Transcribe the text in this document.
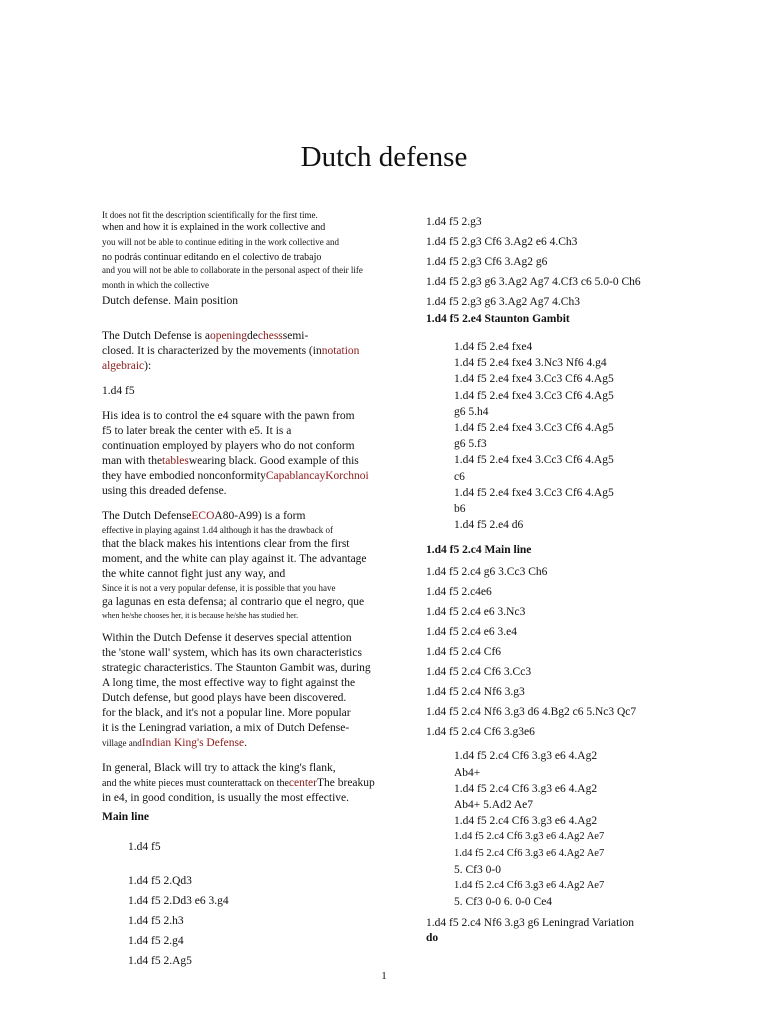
Dutch defense

It does not fit the description scientifically for the first time.

when and how it is explained in the work collective and

you will not be able to continue editing in the work collective and

no podrás continuar editando en el colectivo de trabajo

and you will not be able to collaborate in the personal aspect of their life

month in which the collective

Dutch defense. Main position

The Dutch Defense is aopeningdechesssemi-

closed. It is characterized by the movements (innotation

algebraic):

1.d4 f5

His idea is to control the e4 square with the pawn from

f5 to later break the center with e5. It is a

continuation employed by players who do not conform

man with thetableswearing black. Good example of this

they have embodied nonconformityCapablancayKorchnoi

using this dreaded defense.

The Dutch DefenseECOA80-A99) is a form

effective in playing against 1.d4 although it has the drawback of

that the black makes his intentions clear from the first

moment, and the white can play against it. The advantage

the white cannot fight just any way, and

Since it is not a very popular defense, it is possible that you have

ga lagunas en esta defensa; al contrario que el negro, que

when he/she chooses her, it is because he/she has studied her.

Within the Dutch Defense it deserves special attention

the 'stone wall' system, which has its own characteristics

strategic characteristics. The Staunton Gambit was, during

A long time, the most effective way to fight against the

Dutch defense, but good plays have been discovered.

for the black, and it's not a popular line. More popular

it is the Leningrad variation, a mix of Dutch Defense-

village andIndian King's Defense.

In general, Black will try to attack the king's flank,

and the white pieces must counterattack on thecenterThe breakup

in e4, in good condition, is usually the most effective.

Main line

1.d4 f5

1.d4 f5 2.Qd3

1.d4 f5 2.Dd3 e6 3.g4

1.d4 f5 2.h3

1.d4 f5 2.g4

1.d4 f5 2.Ag5

1.d4 f5 2.g3

1.d4 f5 2.g3 Cf6 3.Ag2 e6 4.Ch3

1.d4 f5 2.g3 Cf6 3.Ag2 g6

1.d4 f5 2.g3 g6 3.Ag2 Ag7 4.Cf3 c6 5.0-0 Ch6

1.d4 f5 2.g3 g6 3.Ag2 Ag7 4.Ch3

1.d4 f5 2.e4 Staunton Gambit

1.d4 f5 2.e4 fxe4

1.d4 f5 2.e4 fxe4 3.Nc3 Nf6 4.g4

1.d4 f5 2.e4 fxe4 3.Cc3 Cf6 4.Ag5

1.d4 f5 2.e4 fxe4 3.Cc3 Cf6 4.Ag5

g6 5.h4

1.d4 f5 2.e4 fxe4 3.Cc3 Cf6 4.Ag5

g6 5.f3

1.d4 f5 2.e4 fxe4 3.Cc3 Cf6 4.Ag5

c6

1.d4 f5 2.e4 fxe4 3.Cc3 Cf6 4.Ag5

b6

1.d4 f5 2.e4 d6

1.d4 f5 2.c4 Main line

1.d4 f5 2.c4 g6 3.Cc3 Ch6

1.d4 f5 2.c4e6

1.d4 f5 2.c4 e6 3.Nc3

1.d4 f5 2.c4 e6 3.e4

1.d4 f5 2.c4 Cf6

1.d4 f5 2.c4 Cf6 3.Cc3

1.d4 f5 2.c4 Nf6 3.g3

1.d4 f5 2.c4 Nf6 3.g3 d6 4.Bg2 c6 5.Nc3 Qc7

1.d4 f5 2.c4 Cf6 3.g3e6

1.d4 f5 2.c4 Cf6 3.g3 e6 4.Ag2

Ab4+

1.d4 f5 2.c4 Cf6 3.g3 e6 4.Ag2

Ab4+ 5.Ad2 Ae7

1.d4 f5 2.c4 Cf6 3.g3 e6 4.Ag2

1.d4 f5 2.c4 Cf6 3.g3 e6 4.Ag2 Ae7

1.d4 f5 2.c4 Cf6 3.g3 e6 4.Ag2 Ae7

5. Cf3 0-0

1.d4 f5 2.c4 Cf6 3.g3 e6 4.Ag2 Ae7

5. Cf3 0-0 6. 0-0 Ce4

1.d4 f5 2.c4 Nf6 3.g3 g6 Leningrad Variation

do

1
